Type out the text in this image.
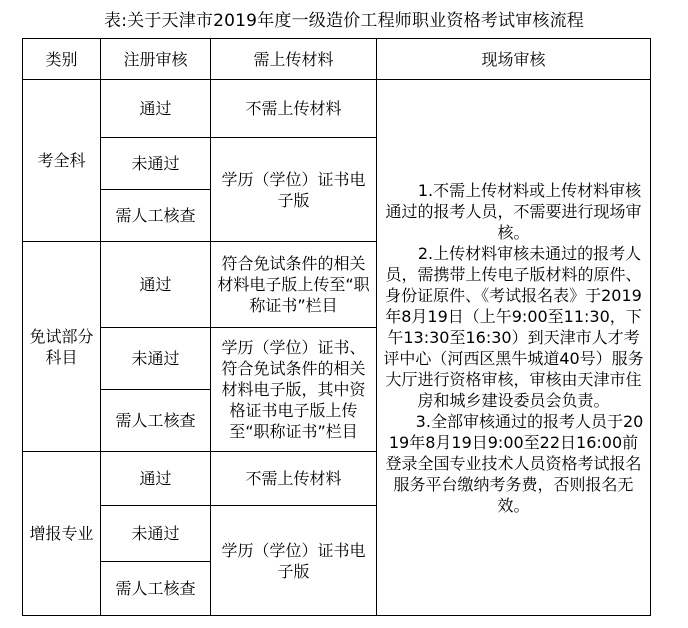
表:关于天津市2019年度一级造价工程师职业资格考试审核流程
类别	注册审核	需上传材料	现场审核
考全科	通过	不需上传材料	1.不需上传材料或上传材料审核通过的报考人员，不需要进行现场审核。
2.上传材料审核未通过的报考人员，需携带上传电子版材料的原件、身份证原件、《考试报名表》于2019年8月19日（上午9:00至11:30，下午13:30至16:30）到天津市人才考评中心（河西区黑牛城道40号）服务大厅进行资格审核，审核由天津市住房和城乡建设委员会负责。
3.全部审核通过的报考人员于2019年8月19日9:00至22日16:00前登录全国专业技术人员资格考试报名服务平台缴纳考务费，否则报名无效。

	未通过	学历（学位）证书电子版	
	需人工核查		
免试部分科目	通过	符合免试条件的相关材料电子版上传至“职称证书”栏目	
	未通过	学历（学位）证书、符合免试条件的相关材料电子版，其中资格证书电子版上传至“职称证书”栏目	
	需人工核查		
增报专业	通过	不需上传材料	
	未通过	学历（学位）证书电子版	
	需人工核查		
